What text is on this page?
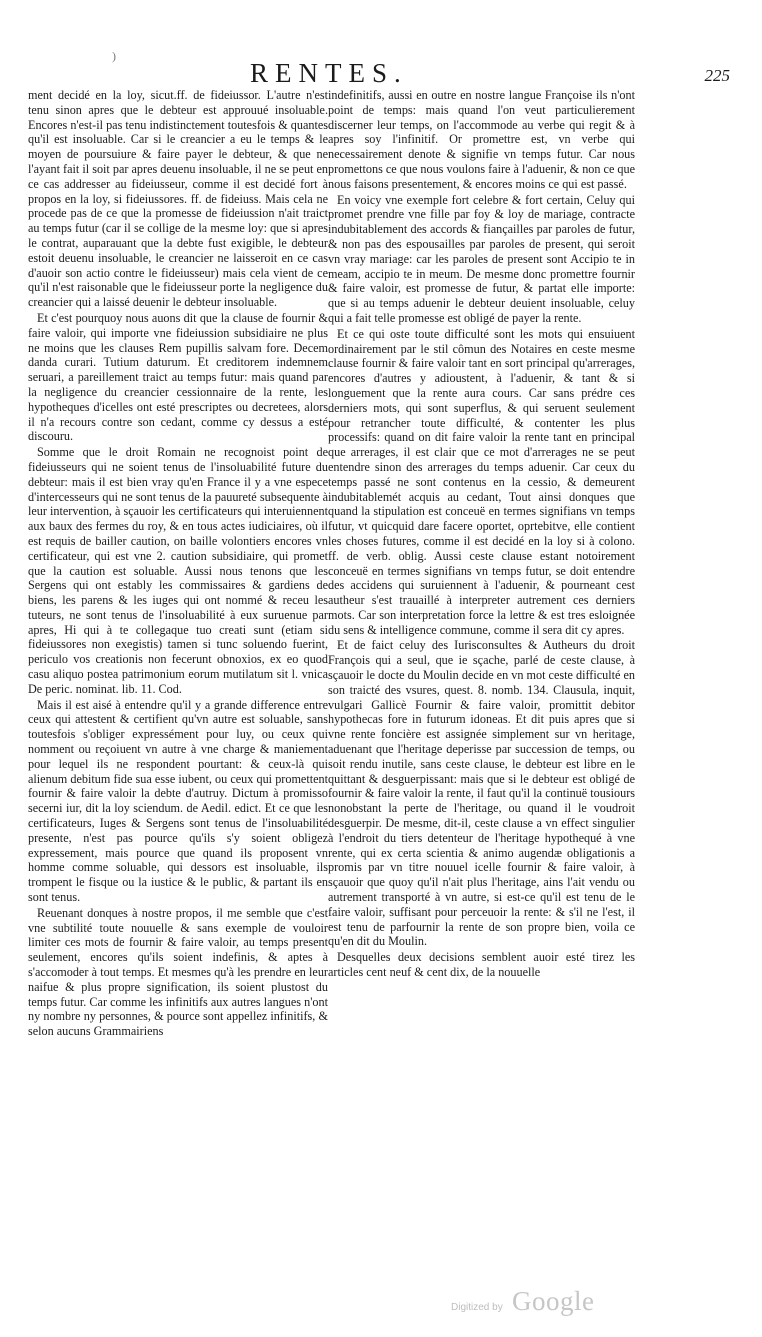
)
RENTES.	225

ment decidé en la loy, sicut.ff. de fideiussor. L'autre n'est tenu sinon apres que le debteur est approuué insoluable. Encores n'est-il pas tenu indistinctement toutesfois & quantes qu'il est insoluable. Car si le creancier a eu le temps & le moyen de poursuiure & faire payer le debteur, & que ne l'ayant fait il soit par apres deuenu insoluable, il ne se peut en ce cas addresser au fideiusseur, comme il est decidé fort à propos en la loy, si fideiussores. ff. de fideiuss. Mais cela ne procede pas de ce que la promesse de fideiussion n'ait traict au temps futur (car il se collige de la mesme loy: que si apres le contrat, auparauant que la debte fust exigible, le debteur estoit deuenu insoluable, le creancier ne laisseroit en ce cas d'auoir son actio contre le fideiusseur) mais cela vient de ce qu'il n'est raisonable que le fideiusseur porte la negligence du creancier qui a laissé deuenir le debteur insoluable.

Et c'est pourquoy nous auons dit que la clause de fournir & faire valoir, qui importe vne fideiussion subsidiaire ne plus ne moins que les clauses Rem pupillis salvam fore. Decem danda curari. Tutium daturum. Et creditorem indemnem seruari, a pareillement traict au temps futur: mais quand par la negligence du creancier cessionnaire de la rente, les hypotheques d'icelles ont esté prescriptes ou decretees, alors il n'a recours contre son cedant, comme cy dessus a esté discouru.

Somme que le droit Romain ne recognoist point de fideiusseurs qui ne soient tenus de l'insoluabilité future du debteur: mais il est bien vray qu'en France il y a vne espece d'intercesseurs qui ne sont tenus de la pauureté subsequente à leur intervention, à sçauoir les certificateurs qui interuiennent aux baux des fermes du roy, & en tous actes iudiciaires, où il est requis de bailler caution, on baille volontiers encores vn certificateur, qui est vne 2. caution subsidiaire, qui promet que la caution est soluable. Aussi nous tenons que les Sergens qui ont estably les commissaires & gardiens de biens, les parens & les iuges qui ont nommé & receu les tuteurs, ne sont tenus de l'insoluabilité à eux suruenue par apres, Hi qui à te collegaque tuo creati sunt (etiam si fideiussores non exegistis) tamen si tunc soluendo fuerint, periculo vos creationis non fecerunt obnoxios, ex eo quod casu aliquo postea patrimonium eorum mutilatum sit l. vnica De peric. nominat. lib. 11. Cod.

Mais il est aisé à entendre qu'il y a grande difference entre ceux qui attestent & certifient qu'vn autre est soluable, sans toutesfois s'obliger expressément pour luy, ou ceux qui nomment ou reçoiuent vn autre à vne charge & maniement pour lequel ils ne respondent pourtant: & ceux-là qui alienum debitum fide sua esse iubent, ou ceux qui promettent fournir & faire valoir la debte d'autruy. Dictum à promisso secerni iur, dit la loy sciendum. de Aedil. edict. Et ce que les certificateurs, Iuges & Sergens sont tenus de l'insoluabilité presente, n'est pas pource qu'ils s'y soient obligez expressement, mais pource que quand ils proposent vn homme comme soluable, qui dessors est insoluable, ils trompent le fisque ou la iustice & le public, & partant ils en sont tenus.

Reuenant donques à nostre propos, il me semble que c'est vne subtilité toute nouuelle & sans exemple de vouloir limiter ces mots de fournir & faire valoir, au temps present seulement, encores qu'ils soient indefinis, & aptes à s'accomoder à tout temps. Et mesmes qu'à les prendre en leur naifue & plus propre signification, ils soient plustost du temps futur. Car comme les infinitifs aux autres langues n'ont ny nombre ny personnes, & pource sont appellez infinitifs, & selon aucuns Grammairiens

indefinitifs, aussi en outre en nostre langue Françoise ils n'ont point de temps: mais quand l'on veut particulierement discerner leur temps, on l'accommode au verbe qui regit & à apres soy l'infinitif. Or promettre est, vn verbe qui necessairement denote & signifie vn temps futur. Car nous promettons ce que nous voulons faire à l'aduenir, & non ce que nous faisons presentement, & encores moins ce qui est passé.

En voicy vne exemple fort celebre & fort certain, Celuy qui promet prendre vne fille par foy & loy de mariage, contracte indubitablement des accords & fiançailles par paroles de futur, & non pas des espousailles par paroles de present, qui seroit vn vray mariage: car les paroles de present sont Accipio te in meam, accipio te in meum. De mesme donc promettre fournir & faire valoir, est promesse de futur, & partat elle importe: que si au temps aduenir le debteur deuient insoluable, celuy qui a fait telle promesse est obligé de payer la rente.

Et ce qui oste toute difficulté sont les mots qui ensuiuent ordinairement par le stil cômun des Notaires en ceste mesme clause fournir & faire valoir tant en sort principal qu'arrerages, encores d'autres y adioustent, à l'aduenir, & tant & si longuement que la rente aura cours. Car sans prédre ces derniers mots, qui sont superflus, & qui seruent seulement pour retrancher toute difficulté, & contenter les plus processifs: quand on dit faire valoir la rente tant en principal que arrerages, il est clair que ce mot d'arrerages ne se peut entendre sinon des arrerages du temps aduenir. Car ceux du temps passé ne sont contenus en la cessio, & demeurent indubitablemét acquis au cedant, Tout ainsi donques que quand la stipulation est conceuë en termes signifians vn temps futur, vt quicquid dare facere oportet, oprtebitve, elle contient les choses futures, comme il est decidé en la loy si à colono. ff. de verb. oblig. Aussi ceste clause estant notoirement conceuë en termes signifians vn temps futur, se doit entendre des accidens qui suruiennent à l'aduenir, & pourneant cest autheur s'est trauaillé à interpreter autrement ces derniers mots. Car son interpretation force la lettre & est tres esloignée du sens & intelligence commune, comme il sera dit cy apres.

Et de faict celuy des Iurisconsultes & Autheurs du droit François qui a seul, que ie sçache, parlé de ceste clause, à sçauoir le docte du Moulin decide en vn mot ceste difficulté en son traicté des vsures, quest. 8. nomb. 134. Clausula, inquit, vulgari Gallicè Fournir & faire valoir, promittit debitor hypothecas fore in futurum idoneas. Et dit puis apres que si vne rente foncière est assignée simplement sur vn heritage, aduenant que l'heritage deperisse par succession de temps, ou soit rendu inutile, sans ceste clause, le debteur est libre en le quittant & desguerpissant: mais que si le debteur est obligé de fournir & faire valoir la rente, il faut qu'il la continuë tousiours nonobstant la perte de l'heritage, ou quand il le voudroit desguerpir. De mesme, dit-il, ceste clause a vn effect singulier à l'endroit du tiers detenteur de l'heritage hypothequé à vne rente, qui ex certa scientia & animo augendæ obligationis a promis par vn titre nouuel icelle fournir & faire valoir, à sçauoir que quoy qu'il n'ait plus l'heritage, ains l'ait vendu ou autrement transporté à vn autre, si est-ce qu'il est tenu de le faire valoir, suffisant pour perceuoir la rente: & s'il ne l'est, il est tenu de parfournir la rente de son propre bien, voila ce qu'en dit du Moulin.

Desquelles deux decisions semblent auoir esté tirez les articles cent neuf & cent dix, de la nouuelle

Digitized by Google
